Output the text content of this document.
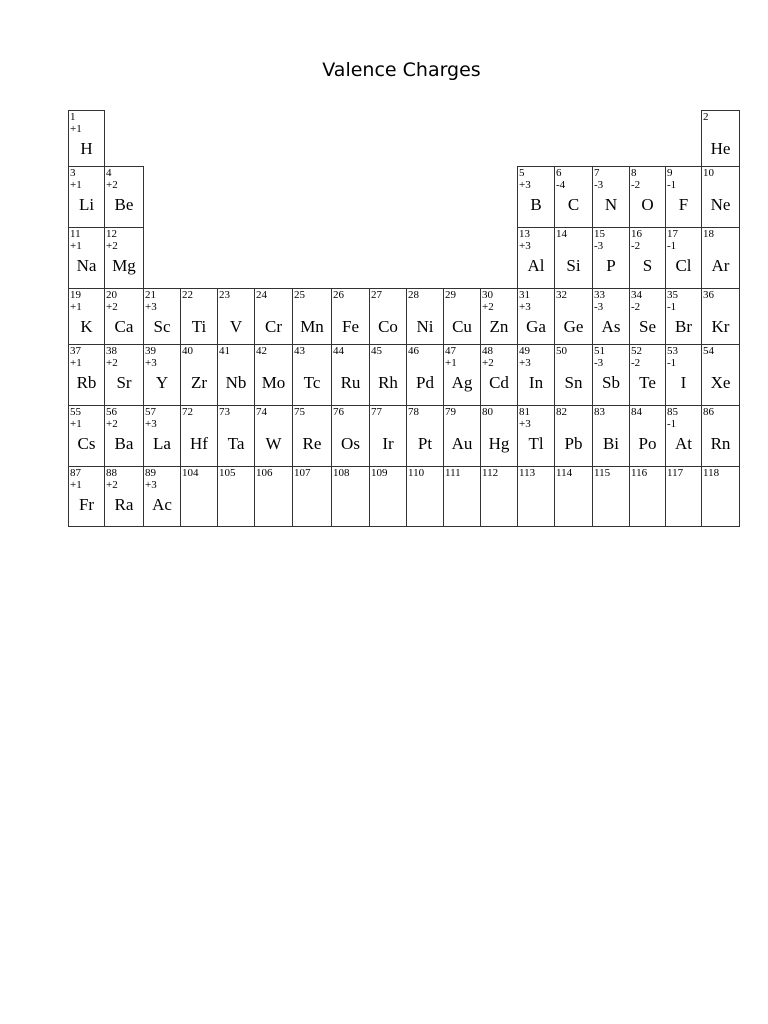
Valence Charges
1
+1
H
2
He
3
+1
Li
4
+2
Be
5
+3
B
6
-4
C
7
-3
N
8
-2
O
9
-1
F
10
Ne
11
+1
Na
12
+2
Mg
13
+3
Al
14
Si
15
-3
P
16
-2
S
17
-1
Cl
18
Ar
19
+1
K
20
+2
Ca
21
+3
Sc
22
Ti
23
V
24
Cr
25
Mn
26
Fe
27
Co
28
Ni
29
Cu
30
+2
Zn
31
+3
Ga
32
Ge
33
-3
As
34
-2
Se
35
-1
Br
36
Kr
37
+1
Rb
38
+2
Sr
39
+3
Y
40
Zr
41
Nb
42
Mo
43
Tc
44
Ru
45
Rh
46
Pd
47
+1
Ag
48
+2
Cd
49
+3
In
50
Sn
51
-3
Sb
52
-2
Te
53
-1
I
54
Xe
55
+1
Cs
56
+2
Ba
57
+3
La
72
Hf
73
Ta
74
W
75
Re
76
Os
77
Ir
78
Pt
79
Au
80
Hg
81
+3
Tl
82
Pb
83
Bi
84
Po
85
-1
At
86
Rn
87
+1
Fr
88
+2
Ra
89
+3
Ac
104 105 106 107 108 109 110 111 112 113 114 115 116 117 118
